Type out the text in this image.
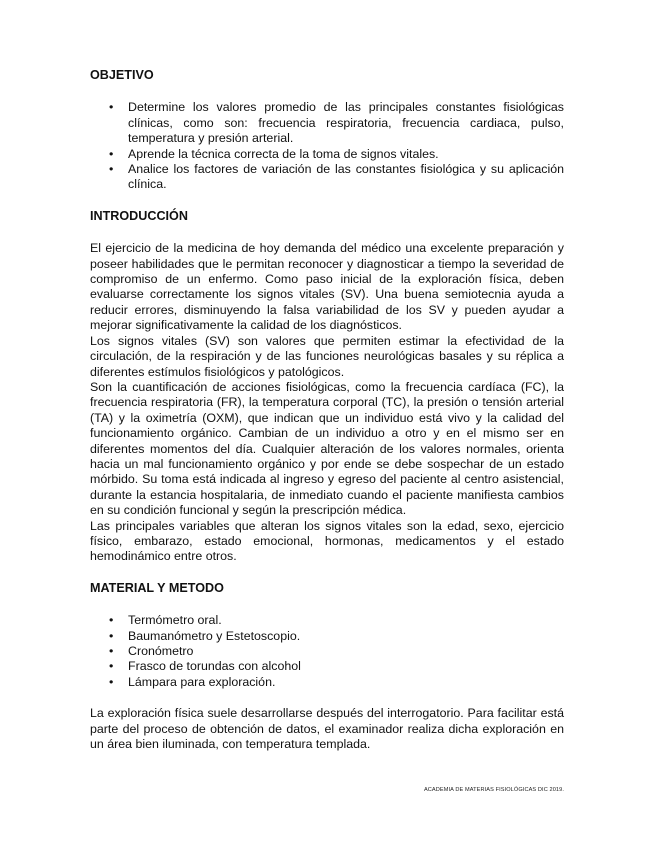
OBJETIVO

• Determine los valores promedio de las principales constantes fisiológicas clínicas, como son: frecuencia respiratoria, frecuencia cardiaca, pulso, temperatura y presión arterial.
• Aprende la técnica correcta de la toma de signos vitales.
• Analice los factores de variación de las constantes fisiológica y su aplicación clínica.

INTRODUCCIÓN

El ejercicio de la medicina de hoy demanda del médico una excelente preparación y poseer habilidades que le permitan reconocer y diagnosticar a tiempo la severidad de compromiso de un enfermo. Como paso inicial de la exploración física, deben evaluarse correctamente los signos vitales (SV). Una buena semiotecnia ayuda a reducir errores, disminuyendo la falsa variabilidad de los SV y pueden ayudar a mejorar significativamente la calidad de los diagnósticos.

Los signos vitales (SV) son valores que permiten estimar la efectividad de la circulación, de la respiración y de las funciones neurológicas basales y su réplica a diferentes estímulos fisiológicos y patológicos.

Son la cuantificación de acciones fisiológicas, como la frecuencia cardíaca (FC), la frecuencia respiratoria (FR), la temperatura corporal (TC), la presión o tensión arterial (TA) y la oximetría (OXM), que indican que un individuo está vivo y la calidad del funcionamiento orgánico. Cambian de un individuo a otro y en el mismo ser en diferentes momentos del día. Cualquier alteración de los valores normales, orienta hacia un mal funcionamiento orgánico y por ende se debe sospechar de un estado mórbido. Su toma está indicada al ingreso y egreso del paciente al centro asistencial, durante la estancia hospitalaria, de inmediato cuando el paciente manifiesta cambios en su condición funcional y según la prescripción médica.

Las principales variables que alteran los signos vitales son la edad, sexo, ejercicio físico, embarazo, estado emocional, hormonas, medicamentos y el estado hemodinámico entre otros.

MATERIAL Y METODO

• Termómetro oral.
• Baumanómetro y Estetoscopio.
• Cronómetro
• Frasco de torundas con alcohol
• Lámpara para exploración.

La exploración física suele desarrollarse después del interrogatorio. Para facilitar está parte del proceso de obtención de datos, el examinador realiza dicha exploración en un área bien iluminada, con temperatura templada.

ACADEMIA DE MATERIAS FISIOLÓGICAS DIC 2019.
